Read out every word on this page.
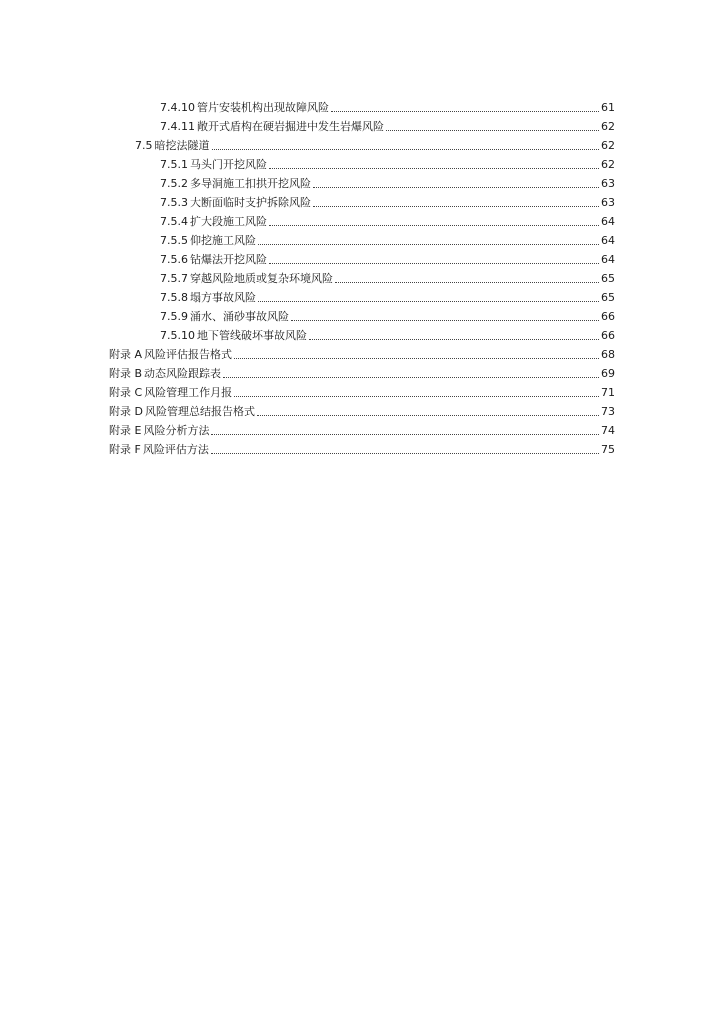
7.4.10 管片安装机构出现故障风险	61
7.4.11 敞开式盾构在硬岩掘进中发生岩爆风险	62
7.5 暗挖法隧道	62
7.5.1 马头门开挖风险	62
7.5.2 多导洞施工扣拱开挖风险	63
7.5.3 大断面临时支护拆除风险	63
7.5.4 扩大段施工风险	64
7.5.5 仰挖施工风险	64
7.5.6 钻爆法开挖风险	64
7.5.7 穿越风险地质或复杂环境风险	65
7.5.8 塌方事故风险	65
7.5.9 涌水、涌砂事故风险	66
7.5.10 地下管线破坏事故风险	66
附录 A 风险评估报告格式	68
附录 B 动态风险跟踪表	69
附录 C 风险管理工作月报	71
附录 D 风险管理总结报告格式	73
附录 E 风险分析方法	74
附录 F 风险评估方法	75
